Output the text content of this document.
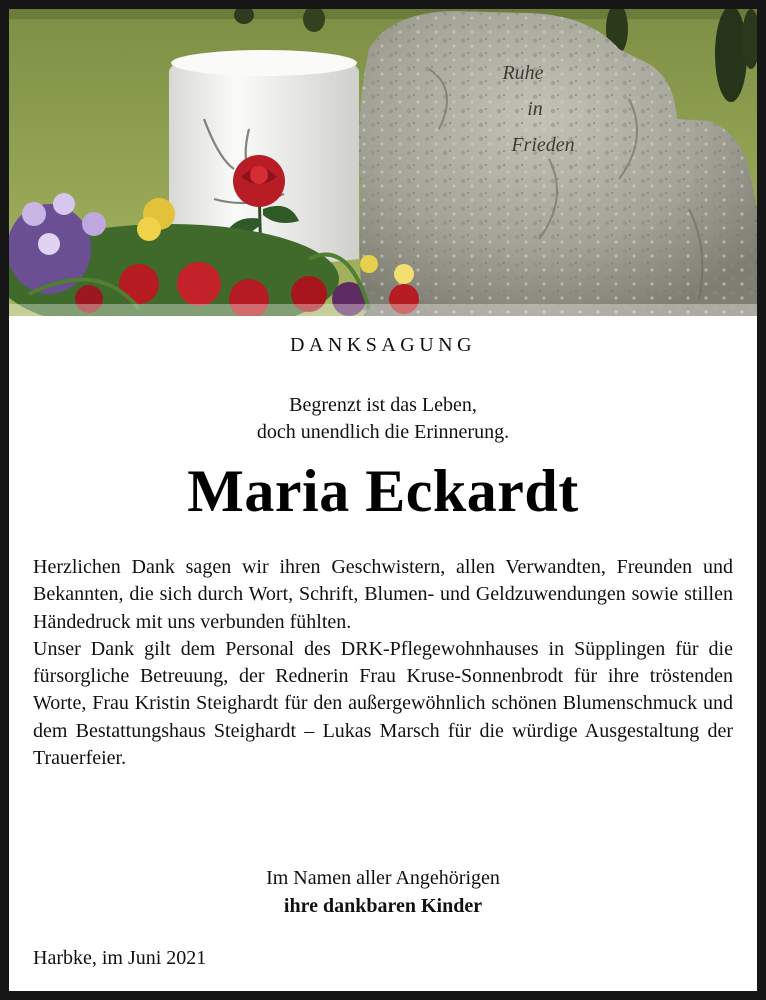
Ruhe
in
Frieden
DANKSAGUNG
Begrenzt ist das Leben,
doch unendlich die Erinnerung.
Maria Eckardt

Herzlichen Dank sagen wir ihren Geschwistern, allen Verwandten, Freunden und Bekannten, die sich durch Wort, Schrift, Blumen- und Geldzuwendungen sowie stillen Händedruck mit uns verbunden fühlten.

Unser Dank gilt dem Personal des DRK-Pflegewohnhauses in Süpplingen für die fürsorgliche Betreuung, der Rednerin Frau Kruse-Sonnenbrodt für ihre tröstenden Worte, Frau Kristin Steighardt für den außergewöhnlich schönen Blumenschmuck und dem Bestattungshaus Steighardt – Lukas Marsch für die würdige Ausgestaltung der Trauerfeier.

Im Namen aller Angehörigen
ihre dankbaren Kinder
Harbke, im Juni 2021
